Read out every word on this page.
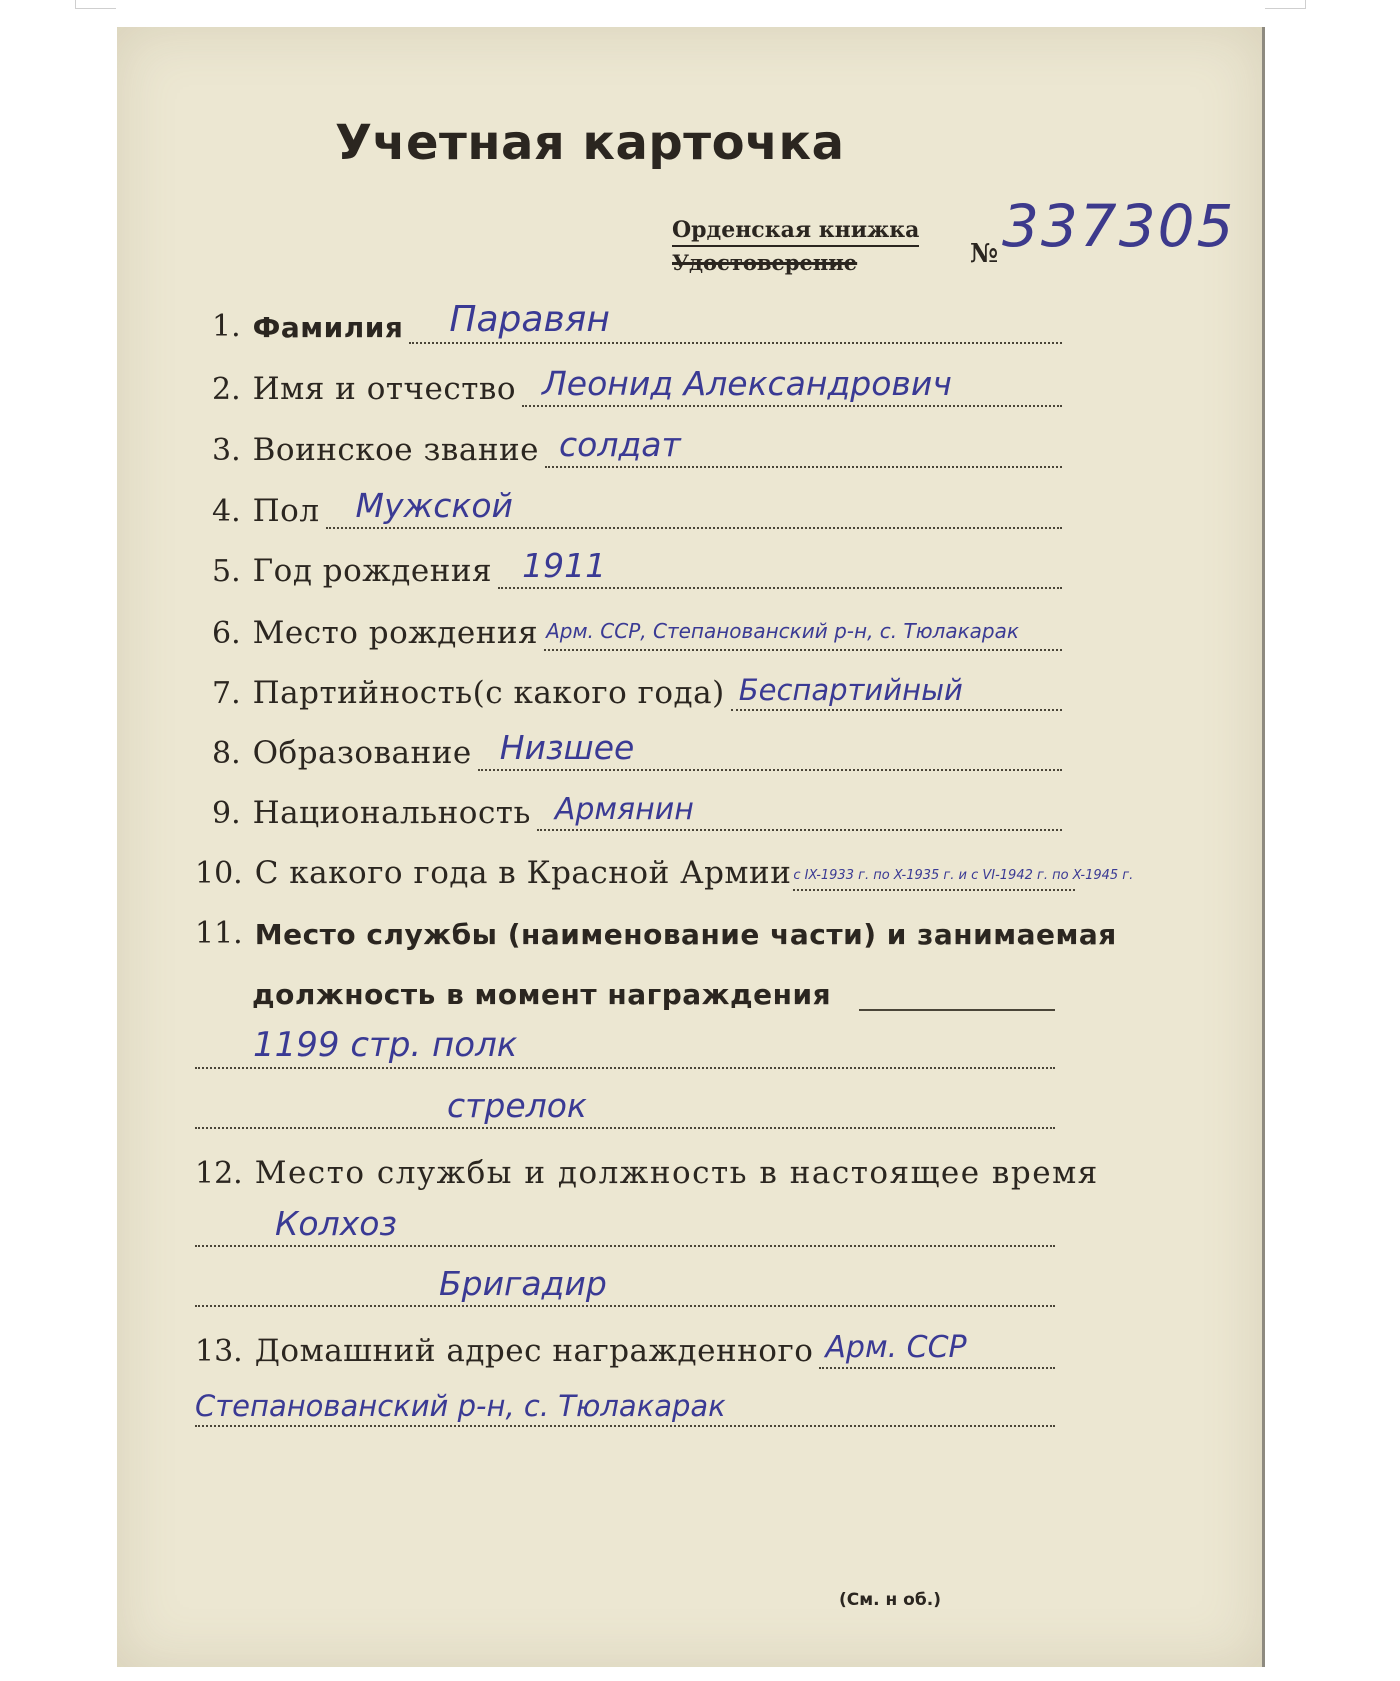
Учетная карточка
Орденская книжка
Удостоверение	№ 337305
1. Фамилия Паравян
2. Имя и отчество Леонид Александрович
3. Воинское звание солдат
4. Пол Мужской
5. Год рождения 1911
6. Место рождения Арм. ССР, Степанованский р-н, с. Тюлакарак
7. Партийность(с какого года) Беспартийный
8. Образование Низшее
9. Национальность Армянин
10. С какого года в Красной Армии с IX-1933 г. по X-1935 г. и с VI-1942 г. по X-1945 г.
11. Место службы (наименование части) и занимаемая
должность в момент награждения
1199 стр. полк
стрелок
12. Место службы и должность в настоящее время
Колхоз
Бригадир
13. Домашний адрес награжденного Арм. ССР
Степанованский р-н, с. Тюлакарак
(См. н об.)
